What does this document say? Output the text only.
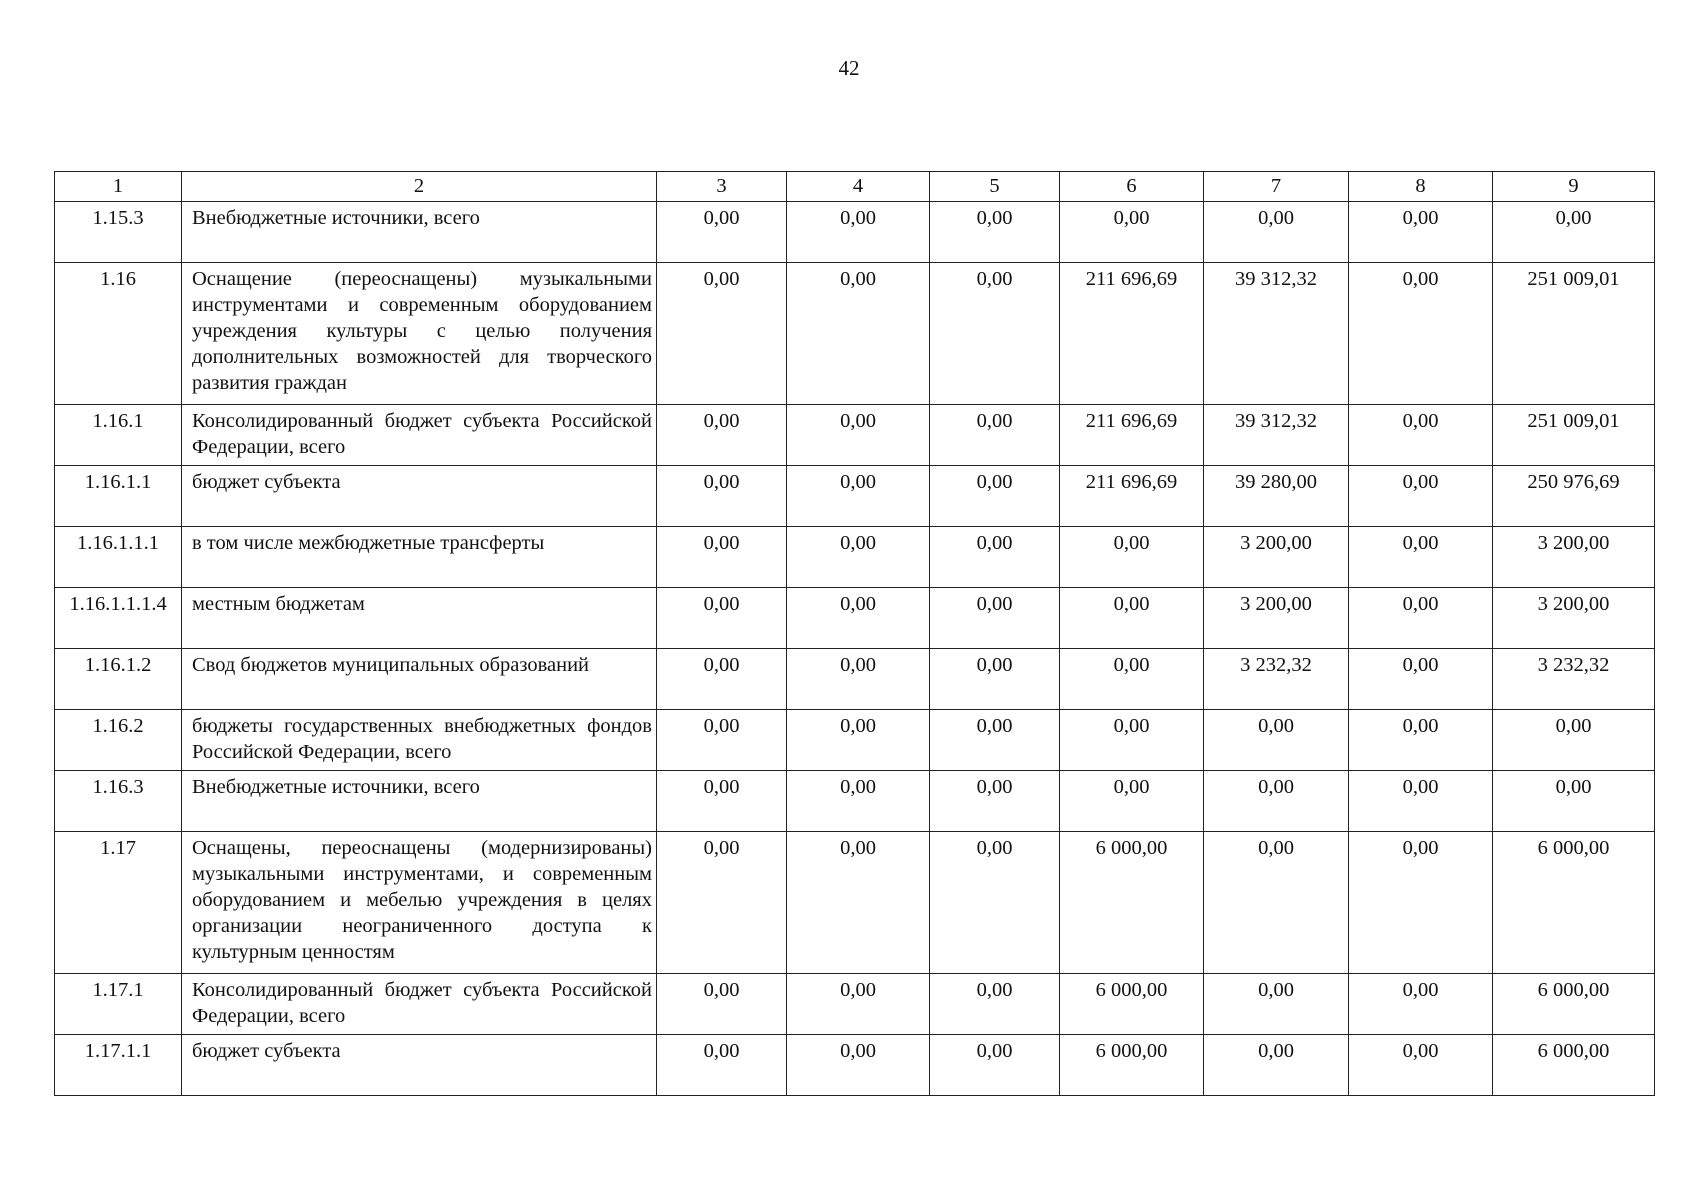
42
1	2	3	4	5	6	7	8	9
1.15.3	Внебюджетные источники, всего	0,00	0,00	0,00	0,00	0,00	0,00	0,00
1.16	Оснащение (переоснащены) музыкальными инструментами и современным оборудованием учреждения культуры с целью получения дополнительных возможностей для творческого развития граждан	0,00	0,00	0,00	211 696,69	39 312,32	0,00	251 009,01
1.16.1	Консолидированный бюджет субъекта Российской Федерации, всего	0,00	0,00	0,00	211 696,69	39 312,32	0,00	251 009,01
1.16.1.1	бюджет субъекта	0,00	0,00	0,00	211 696,69	39 280,00	0,00	250 976,69
1.16.1.1.1	в том числе межбюджетные трансферты	0,00	0,00	0,00	0,00	3 200,00	0,00	3 200,00
1.16.1.1.1.4	местным бюджетам	0,00	0,00	0,00	0,00	3 200,00	0,00	3 200,00
1.16.1.2	Свод бюджетов муниципальных образований	0,00	0,00	0,00	0,00	3 232,32	0,00	3 232,32
1.16.2	бюджеты государственных внебюджетных фондов Российской Федерации, всего	0,00	0,00	0,00	0,00	0,00	0,00	0,00
1.16.3	Внебюджетные источники, всего	0,00	0,00	0,00	0,00	0,00	0,00	0,00
1.17	Оснащены, переоснащены (модернизированы) музыкальными инструментами, и современным оборудованием и мебелью учреждения в целях организации неограниченного доступа к культурным ценностям	0,00	0,00	0,00	6 000,00	0,00	0,00	6 000,00
1.17.1	Консолидированный бюджет субъекта Российской Федерации, всего	0,00	0,00	0,00	6 000,00	0,00	0,00	6 000,00
1.17.1.1	бюджет субъекта	0,00	0,00	0,00	6 000,00	0,00	0,00	6 000,00
